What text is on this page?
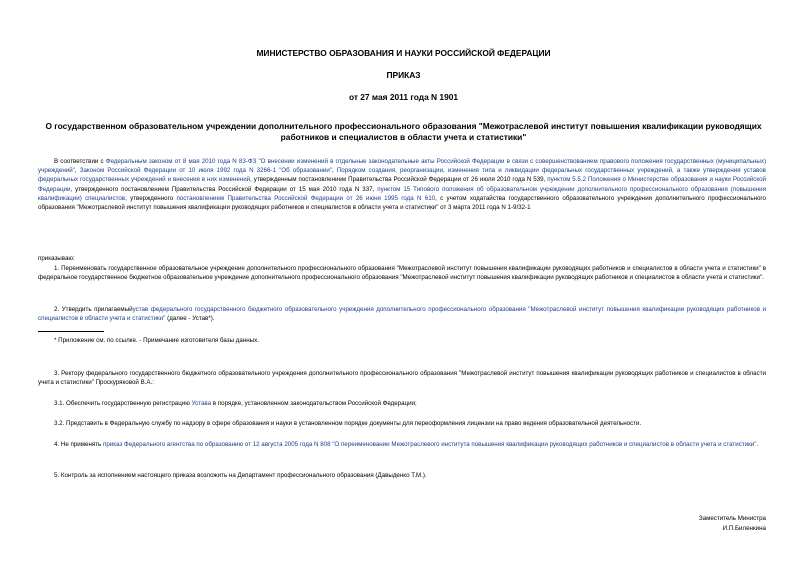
МИНИСТЕРСТВО ОБРАЗОВАНИЯ И НАУКИ РОССИЙСКОЙ ФЕДЕРАЦИИ
ПРИКАЗ
от 27 мая 2011 года N 1901
О государственном образовательном учреждении дополнительного профессионального образования "Межотраслевой институт повышения квалификации руководящих работников и специалистов в области учета и статистики"

В соответствии с Федеральным законом от 8 мая 2010 года N 83-ФЗ "О внесении изменений в отдельные законодательные акты Российской Федерации в связи с совершенствованием правового положения государственных (муниципальных) учреждений", Законом Российской Федерации от 10 июля 1992 года N 3266-1 "Об образовании", Порядком создания, реорганизации, изменения типа и ликвидации федеральных государственных учреждений, а также утверждения уставов федеральных государственных учреждений и внесения в них изменений, утвержденным постановлением Правительства Российской Федерации от 26 июля 2010 года N 539, пунктом 5.5.2 Положения о Министерстве образования и науки Российской Федерации, утвержденного постановлением Правительства Российской Федерации от 15 мая 2010 года N 337, пунктом 15 Типового положения об образовательном учреждении дополнительного профессионального образования (повышения квалификации) специалистов, утвержденного постановлением Правительства Российской Федерации от 26 июня 1995 года N 610, с учетом ходатайства государственного образовательного учреждения дополнительного профессионального образования "Межотраслевой институт повышения квалификации руководящих работников и специалистов в области учета и статистики" от 3 марта 2011 года N 1-9/32-1

приказываю:

1. Переименовать государственное образовательное учреждение дополнительного профессионального образования "Межотраслевой институт повышения квалификации руководящих работников и специалистов в области учета и статистики" в федеральное государственное бюджетное образовательное учреждение дополнительного профессионального образования "Межотраслевой институт повышения квалификации руководящих работников и специалистов в области учета и статистики".

2. Утвердить прилагаемыйустав федерального государственного бюджетного образовательного учреждения дополнительного профессионального образования "Межотраслевой институт повышения квалификации руководящих работников и специалистов в области учета и статистики" (далее - Устав*).

* Приложение см. по ссылке. - Примечание изготовителя базы данных.

3. Ректору федерального государственного бюджетного образовательного учреждения дополнительного профессионального образования "Межотраслевой институт повышения квалификации руководящих работников и специалистов в области учета и статистики" Проскуряковой В.А.:

3.1. Обеспечить государственную регистрацию Устава в порядке, установленном законодательством Российской Федерации;

3.2. Представить в Федеральную службу по надзору в сфере образования и науки в установленном порядке документы для переоформления лицензии на право ведения образовательной деятельности.

4. Не применять приказ Федерального агентства по образованию от 12 августа 2005 года N 808 "О переименовании Межотраслевого института повышения квалификации руководящих работников и специалистов в области учета и статистики".

5. Контроль за исполнением настоящего приказа возложить на Департамент профессионального образования (Давыденко Т.М.).

Заместитель Министра
И.П.Биленкина
